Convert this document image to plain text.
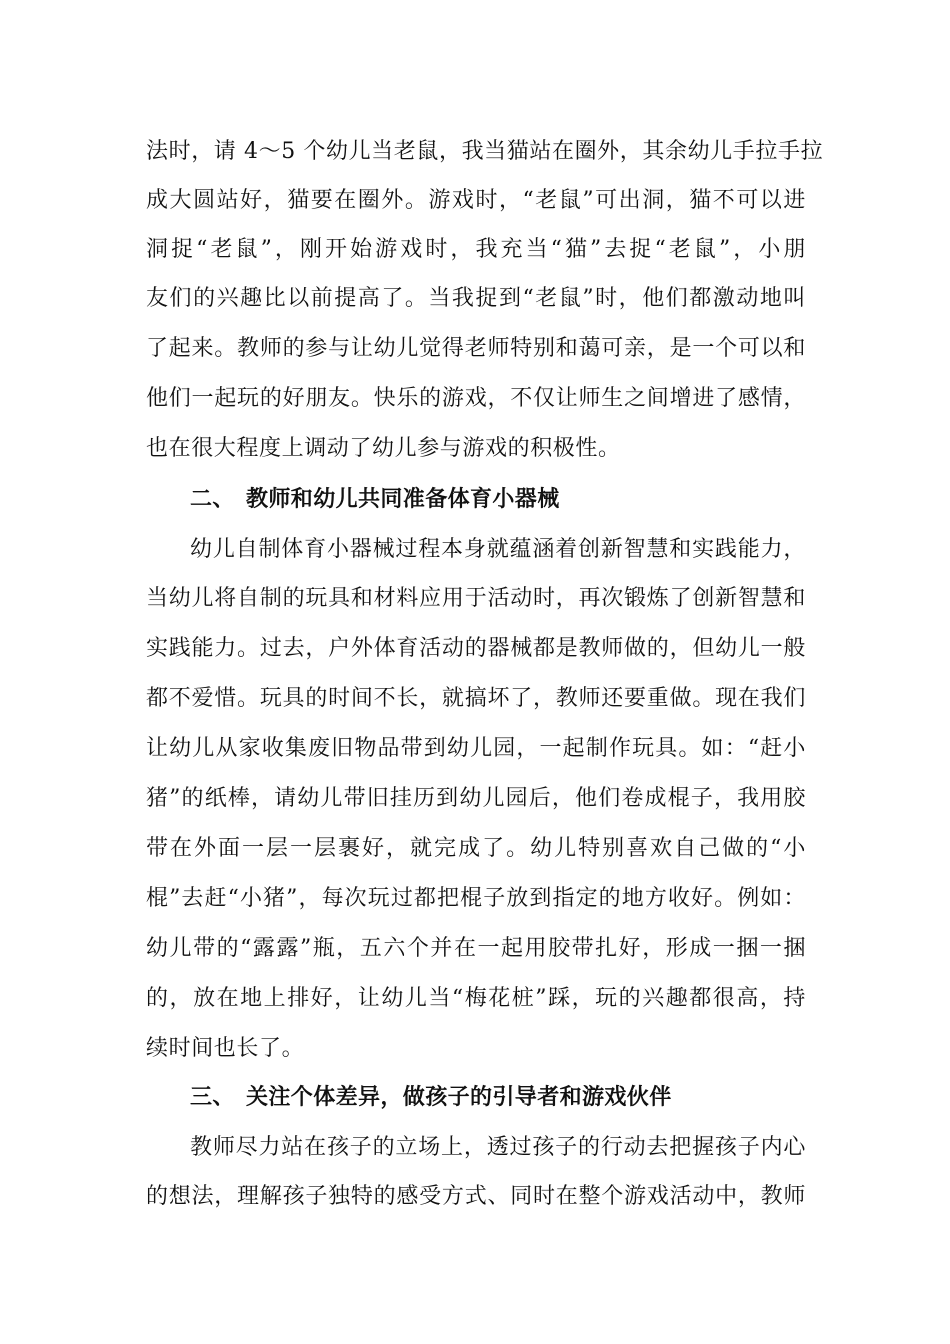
法时，请 4～5 个幼儿当老鼠，我当猫站在圈外，其余幼儿手拉手拉
成大圆站好，猫要在圈外。游戏时，“老鼠”可出洞，猫不可以进
洞捉“老鼠”，刚开始游戏时，我充当“猫”去捉“老鼠”，小朋
友们的兴趣比以前提高了。当我捉到“老鼠”时，他们都激动地叫
了起来。教师的参与让幼儿觉得老师特别和蔼可亲，是一个可以和
他们一起玩的好朋友。快乐的游戏，不仅让师生之间增进了感情，
也在很大程度上调动了幼儿参与游戏的积极性。
二、 教师和幼儿共同准备体育小器械
幼儿自制体育小器械过程本身就蕴涵着创新智慧和实践能力，
当幼儿将自制的玩具和材料应用于活动时，再次锻炼了创新智慧和
实践能力。过去，户外体育活动的器械都是教师做的，但幼儿一般
都不爱惜。玩具的时间不长，就搞坏了，教师还要重做。现在我们
让幼儿从家收集废旧物品带到幼儿园，一起制作玩具。如：“赶小
猪”的纸棒，请幼儿带旧挂历到幼儿园后，他们卷成棍子，我用胶
带在外面一层一层裹好，就完成了。幼儿特别喜欢自己做的“小
棍”去赶“小猪”，每次玩过都把棍子放到指定的地方收好。例如：
幼儿带的“露露”瓶，五六个并在一起用胶带扎好，形成一捆一捆
的，放在地上排好，让幼儿当“梅花桩”踩，玩的兴趣都很高，持
续时间也长了。
三、 关注个体差异，做孩子的引导者和游戏伙伴
教师尽力站在孩子的立场上，透过孩子的行动去把握孩子内心
的想法，理解孩子独特的感受方式、同时在整个游戏活动中，教师
